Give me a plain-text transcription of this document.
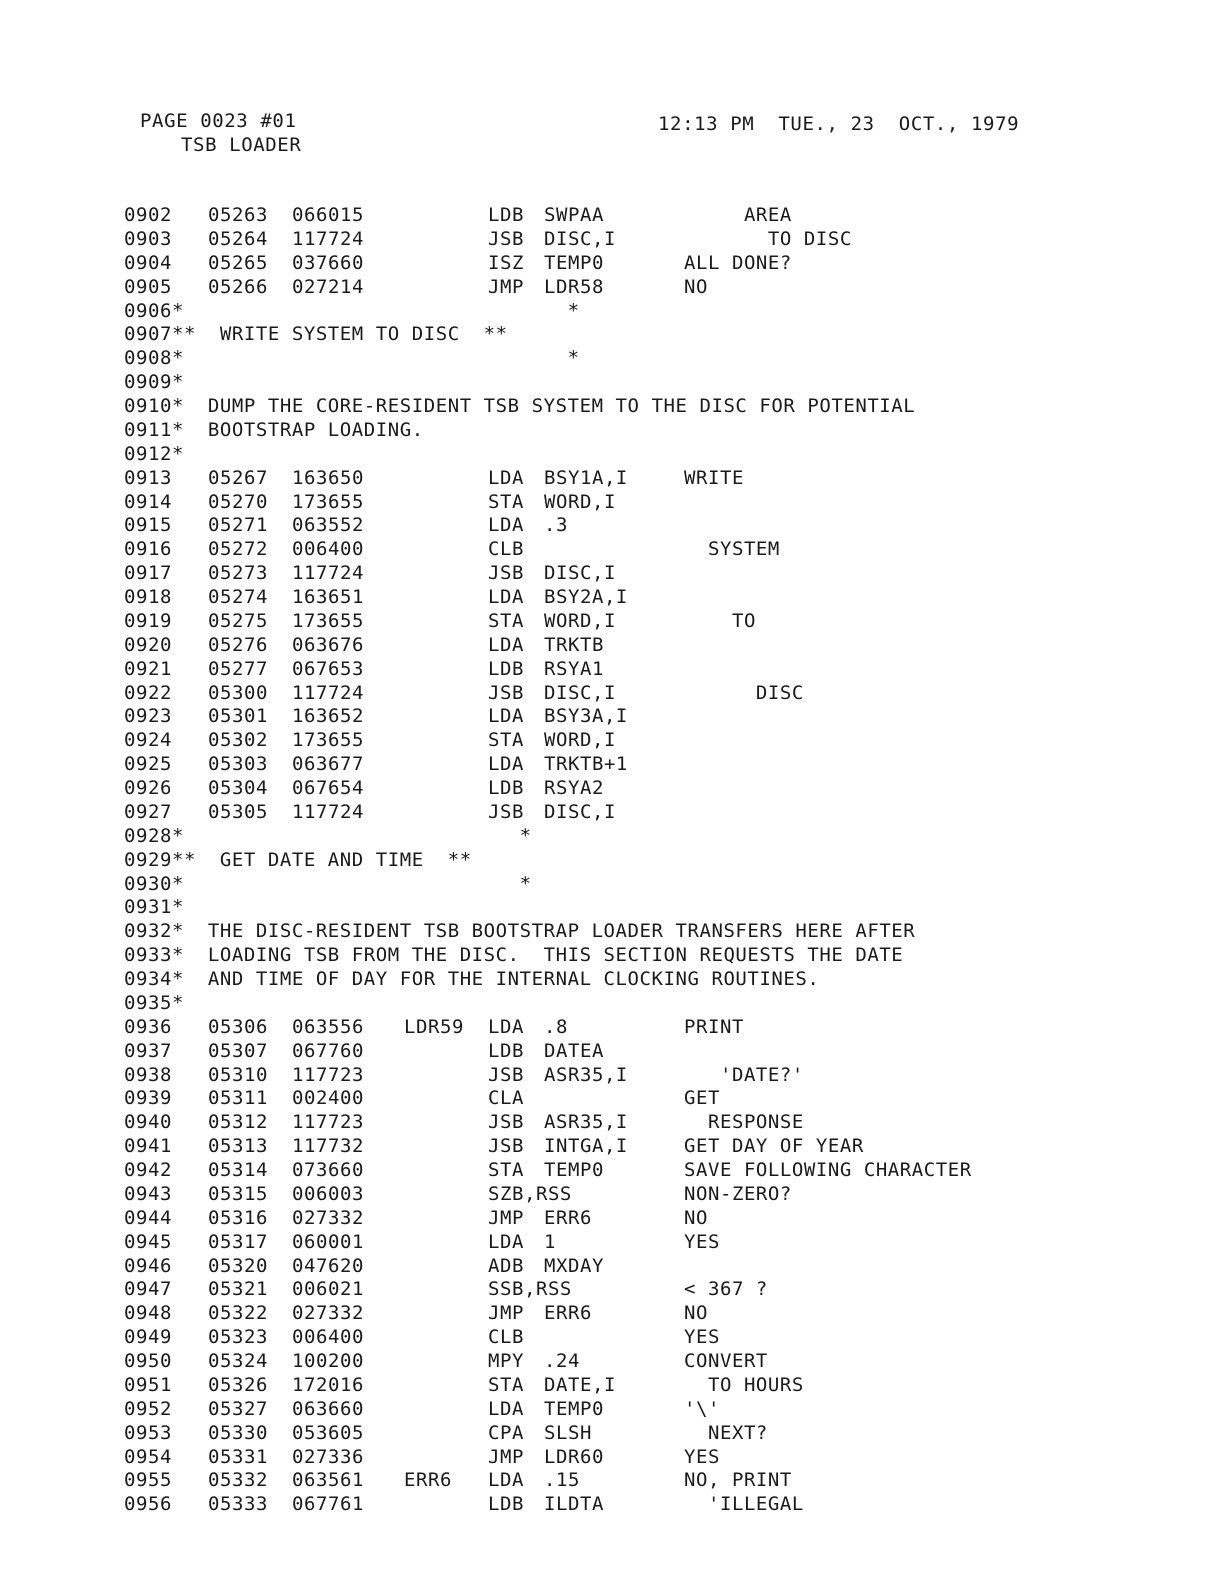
PAGE 0023 #01	12:13 PM  TUE., 23  OCT., 1979
TSB LOADER
0902 05263 066015	LDB SWPAA	AREA
0903 05264 117724	JSB DISC,I	TO DISC
0904 05265 037660	ISZ TEMP0	ALL DONE?
0905 05266 027214	JMP LDR58	NO
0906*                                *
0907**  WRITE SYSTEM TO DISC  **
0908*                                *
0909*
0910*  DUMP THE CORE-RESIDENT TSB SYSTEM TO THE DISC FOR POTENTIAL
0911*  BOOTSTRAP LOADING.
0912*
0913 05267 163650	LDA BSY1A,I	WRITE
0914 05270 173655	STA WORD,I
0915 05271 063552	LDA .3
0916 05272 006400	CLB	SYSTEM
0917 05273 117724	JSB DISC,I
0918 05274 163651	LDA BSY2A,I
0919 05275 173655	STA WORD,I	TO
0920 05276 063676	LDA TRKTB
0921 05277 067653	LDB RSYA1
0922 05300 117724	JSB DISC,I	DISC
0923 05301 163652	LDA BSY3A,I
0924 05302 173655	STA WORD,I
0925 05303 063677	LDA TRKTB+1
0926 05304 067654	LDB RSYA2
0927 05305 117724	JSB DISC,I
0928*                            *
0929**  GET DATE AND TIME  **
0930*                            *
0931*
0932*  THE DISC-RESIDENT TSB BOOTSTRAP LOADER TRANSFERS HERE AFTER
0933*  LOADING TSB FROM THE DISC.  THIS SECTION REQUESTS THE DATE
0934*  AND TIME OF DAY FOR THE INTERNAL CLOCKING ROUTINES.
0935*
0936 05306 063556 LDR59 LDA .8	PRINT
0937 05307 067760	LDB DATEA
0938 05310 117723	JSB ASR35,I	'DATE?'
0939 05311 002400	CLA	GET
0940 05312 117723	JSB ASR35,I	RESPONSE
0941 05313 117732	JSB INTGA,I	GET DAY OF YEAR
0942 05314 073660	STA TEMP0	SAVE FOLLOWING CHARACTER
0943 05315 006003	SZB,RSS	NON-ZERO?
0944 05316 027332	JMP ERR6	NO
0945 05317 060001	LDA 1	YES
0946 05320 047620	ADB MXDAY
0947 05321 006021	SSB,RSS	< 367 ?
0948 05322 027332	JMP ERR6	NO
0949 05323 006400	CLB	YES
0950 05324 100200	MPY .24	CONVERT
0951 05326 172016	STA DATE,I	TO HOURS
0952 05327 063660	LDA TEMP0	'\'
0953 05330 053605	CPA SLSH	NEXT?
0954 05331 027336	JMP LDR60	YES
0955 05332 063561 ERR6 LDA .15	NO, PRINT
0956 05333 067761	LDB ILDTA	'ILLEGAL
